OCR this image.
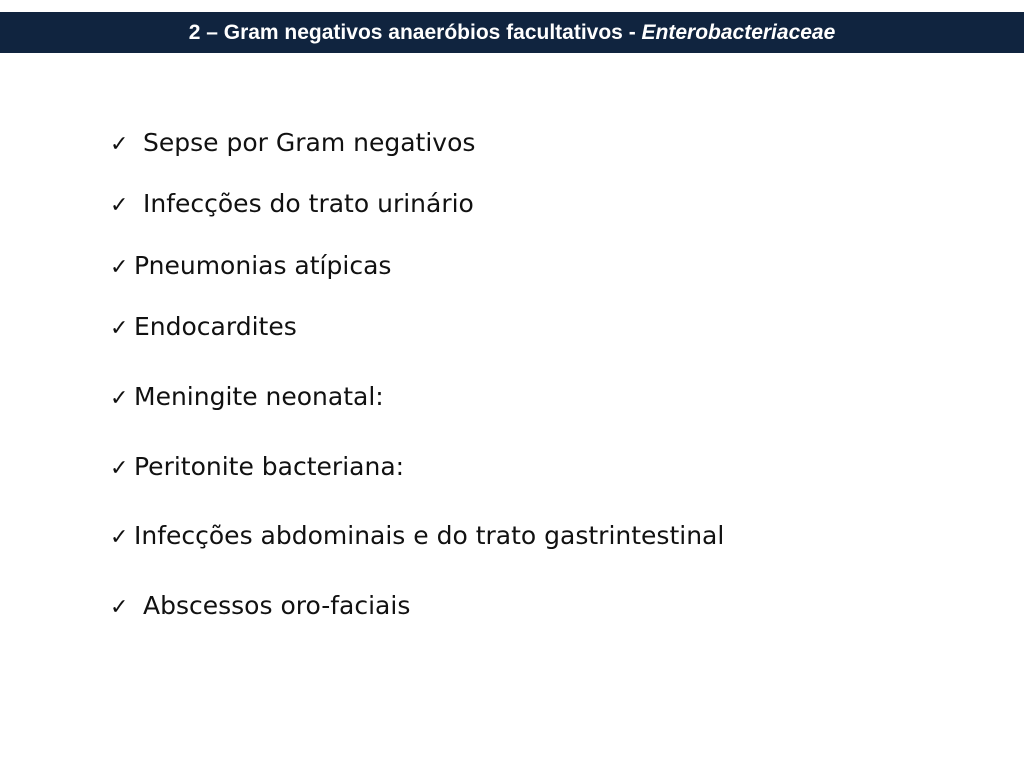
2 – Gram negativos anaeróbios facultativos - Enterobacteriaceae
✓ Sepse por Gram negativos
✓ Infecções do trato urinário
✓ Pneumonias atípicas
✓ Endocardites
✓ Meningite neonatal:
✓ Peritonite bacteriana:
✓ Infecções abdominais e do trato gastrintestinal
✓ Abscessos oro-faciais
